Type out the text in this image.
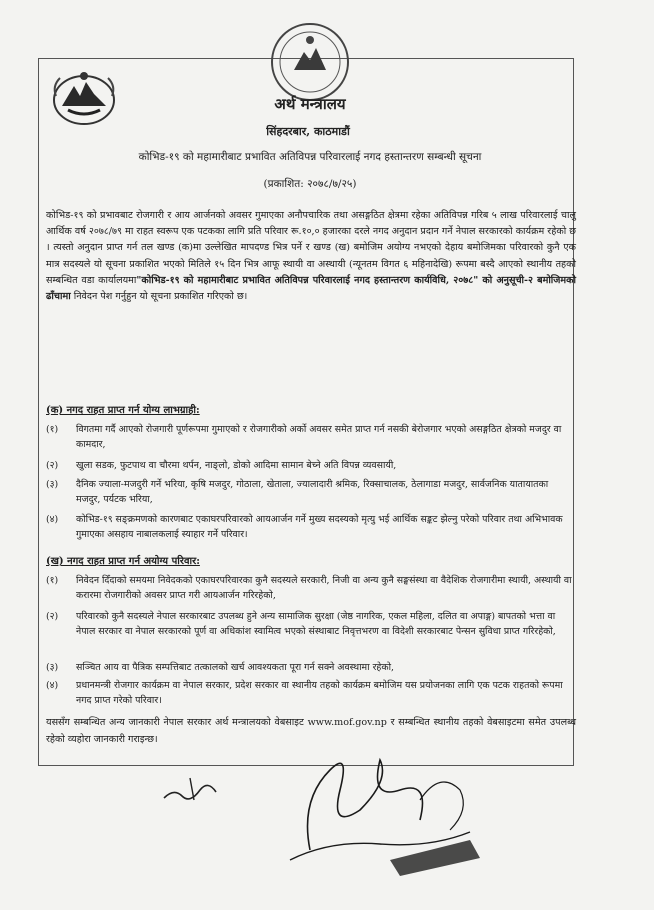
अर्थ मन्त्रालय
सिंहदरबार, काठमाडौं
कोभिड-१९ को महामारीबाट प्रभावित अतिविपन्न परिवारलाई नगद हस्तान्तरण सम्बन्धी सूचना
(प्रकाशित: २०७८/७/२५)

कोभिड-१९ को प्रभावबाट रोजगारी र आय आर्जनको अवसर गुमाएका अनौपचारिक तथा असङ्गठित क्षेत्रमा रहेका अतिविपन्न गरिब ५ लाख परिवारलाई चालु आर्थिक वर्ष २०७८/७९ मा राहत स्वरूप एक पटकका लागि प्रति परिवार रू.१०,० हजारका दरले नगद अनुदान प्रदान गर्ने नेपाल सरकारको कार्यक्रम रहेको छ । त्यस्तो अनुदान प्राप्त गर्न तल खण्ड (क)मा उल्लेखित मापदण्ड भित्र पर्ने र खण्ड (ख) बमोजिम अयोग्य नभएको देहाय बमोजिमका परिवारको कुनै एक मात्र सदस्यले यो सूचना प्रकाशित भएको मितिले १५ दिन भित्र आफू स्थायी वा अस्थायी (न्यूनतम विगत ६ महिनादेखि) रूपमा बस्दै आएको स्थानीय तहको सम्बन्धित वडा कार्यालयमा"कोभिड-१९ को महामारीबाट प्रभावित अतिविपन्न परिवारलाई नगद हस्तान्तरण कार्यविधि, २०७८" को अनुसूची-२ बमोजिमको ढाँचामा निवेदन पेश गर्नुहुन यो सूचना प्रकाशित गरिएको छ।

(क) नगद राहत प्राप्त गर्न योग्य लाभग्राही:
(१)	विगतमा गर्दै आएको रोजगारी पूर्णरूपमा गुमाएको र रोजगारीको अर्को अवसर समेत प्राप्त गर्न नसकी बेरोजगार भएको असङ्गठित क्षेत्रको मजदुर वा कामदार,
(२)	खुला सडक, फुटपाथ वा चौरमा थर्पन, नाङ्लो, डोको आदिमा सामान बेच्ने अति विपन्न व्यवसायी,
(३)	दैनिक ज्याला-मजदुरी गर्ने भरिया, कृषि मजदुर, गोठाला, खेताला, ज्यालादारी श्रमिक, रिक्साचालक, ठेलागाडा मजदुर, सार्वजनिक यातायातका मजदुर, पर्यटक भरिया,
(४)	कोभिड-१९ सङ्क्रमणको कारणबाट एकाघरपरिवारको आयआर्जन गर्ने मुख्य सदस्यको मृत्यु भई आर्थिक सङ्कट झेल्नु परेको परिवार तथा अभिभावक गुमाएका असहाय नाबालकलाई स्याहार गर्ने परिवार।
(ख) नगद राहत प्राप्त गर्न अयोग्य परिवार:
(१)	निवेदन दिँदाको समयमा निवेदकको एकाघरपरिवारका कुनै सदस्यले सरकारी, निजी वा अन्य कुनै सङ्घसंस्था वा वैदेशिक रोजगारीमा स्थायी, अस्थायी वा करारमा रोजगारीको अवसर प्राप्त गरी आयआर्जन गरिरहेको,
(२)	परिवारको कुनै सदस्यले नेपाल सरकारबाट उपलब्ध हुने अन्य सामाजिक सुरक्षा (जेष्ठ नागरिक, एकल महिला, दलित वा अपाङ्ग) बापतको भत्ता वा नेपाल सरकार वा नेपाल सरकारको पूर्ण वा अधिकांश स्वामित्व भएको संस्थाबाट निवृत्तभरण वा विदेशी सरकारबाट पेन्सन सुविधा प्राप्त गरिरहेको,
(३)	सञ्चित आय वा पैत्रिक सम्पत्तिबाट तत्कालको खर्च आवश्यकता पूरा गर्न सक्ने अवस्थामा रहेको,
(४)	प्रधानमन्त्री रोजगार कार्यक्रम वा नेपाल सरकार, प्रदेश सरकार वा स्थानीय तहको कार्यक्रम बमोजिम यस प्रयोजनका लागि एक पटक राहतको रूपमा नगद प्राप्त गरेको परिवार।

यससँग सम्बन्धित अन्य जानकारी नेपाल सरकार अर्थ मन्त्रालयको वेबसाइट www.mof.gov.np र सम्बन्धित स्थानीय तहको वेबसाइटमा समेत उपलब्ध रहेको व्यहोरा जानकारी गराइन्छ।
